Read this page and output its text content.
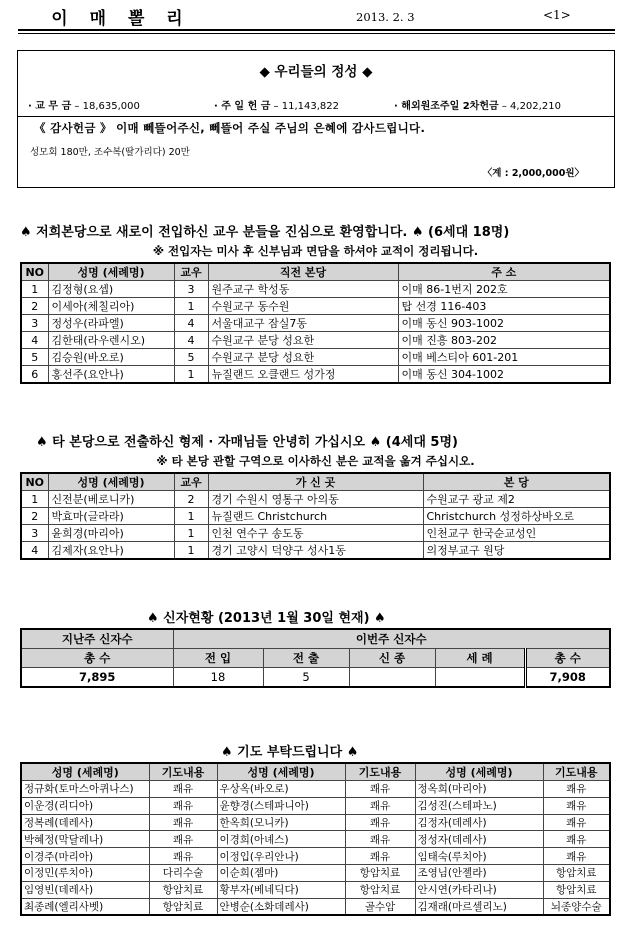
이 매 뽈 리	2013. 2. 3	<1>
◆ 우리들의 정성 ◆
· 교 무 금 – 18,635,000	· 주 일 헌 금 – 11,143,822	· 해외원조주일 2차헌금 – 4,202,210
《 감사헌금 》 이매 뻬뜰어주신, 뻬뜰어 주실 주님의 은혜에 감사드립니다.
성모회 180만, 조수복(딸가리다) 20만
〈계 : 2,000,000원〉
♠ 저희본당으로 새로이 전입하신 교우 분들을 진심으로 환영합니다. ♠ (6세대 18명)
※ 전입자는 미사 후 신부님과 면담을 하셔야 교적이 정리됩니다.
NO	성명 (세례명)	교우	직전 본당	주 소
1	김정형(요셉)	3	원주교구 학성동	이매 86-1번지 202호
2	이세아(체칠리아)	1	수원교구 동수원	탑 선경 116-403
3	정성우(라파엘)	4	서울대교구 잠실7동	이매 동신 903-1002
4	김한태(라우렌시오)	4	수원교구 분당 성요한	이매 진흥 803-202
5	김승원(바오로)	5	수원교구 분당 성요한	이매 베스티아 601-201
6	홍선주(요안나)	1	뉴질랜드 오클랜드 성가정	이매 동신 304-1002
♠ 타 본당으로 전출하신 형제 · 자매님들 안녕히 가십시오 ♠ (4세대 5명)
※ 타 본당 관할 구역으로 이사하신 분은 교적을 옮겨 주십시오.
NO	성명 (세례명)	교우	가 신 곳	본 당
1	신전분(베로니카)	2	경기 수원시 영통구 아의동	수원교구 광교 제2
2	박효마(글라라)	1	뉴질랜드 Christchurch	Christchurch 성정하상바오로
3	윤희경(마리아)	1	인천 연수구 송도동	인천교구 한국순교성인
4	김제자(요안나)	1	경기 고양시 덕양구 성사1동	의정부교구 원당
♠ 신자현황 (2013년 1월 30일 현재) ♠
지난주 신자수	이번주 신자수				
총 수	전 입	전 출	신 종	세 례	총 수
7,895	18	5			7,908
♠ 기도 부탁드립니다 ♠
성명 (세례명)	기도내용	성명 (세례명)	기도내용	성명 (세례명)	기도내용
정규화(토마스아퀴나스)	쾌유	우상옥(바오로)	쾌유	정옥희(마리아)	쾌유
이운경(리디아)	쾌유	윤향경(스테파니아)	쾌유	김성진(스테파노)	쾌유
정복례(데레사)	쾌유	한옥희(모니카)	쾌유	김정자(데레사)	쾌유
박혜정(막달레나)	쾌유	이경희(아녜스)	쾌유	정성자(데레사)	쾌유
이경주(마리아)	쾌유	이정입(우리안나)	쾌유	임태숙(루치아)	쾌유
이정민(루치아)	다리수술	이순희(젬마)	항암치료	조영님(안젤라)	항암치료
임영빈(데레사)	항암치료	황부자(베네딕다)	항암치료	안시연(카타리나)	항암치료
최종례(엘리사벳)	항암치료	안병순(소화데레사)	골수암	김재래(마르셀리노)	뇌종양수술
